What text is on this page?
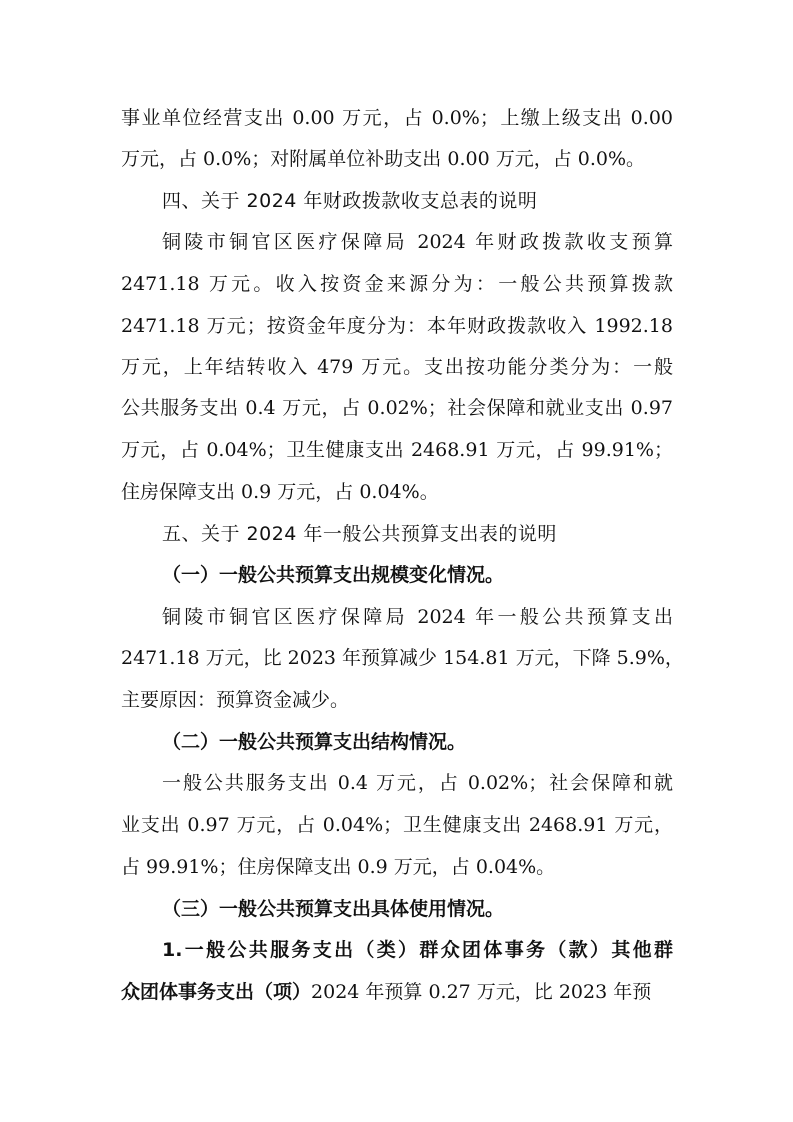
事业单位经营支出 0.00 万元，占 0.0%；上缴上级支出 0.00
万元，占 0.0%；对附属单位补助支出 0.00 万元，占 0.0%。
四、关于 2024 年财政拨款收支总表的说明
铜陵市铜官区医疗保障局 2024 年财政拨款收支预算
2471.18 万元。收入按资金来源分为：一般公共预算拨款
2471.18 万元；按资金年度分为：本年财政拨款收入 1992.18
万元，上年结转收入 479 万元。支出按功能分类分为：一般
公共服务支出 0.4 万元，占 0.02%；社会保障和就业支出 0.97
万元，占 0.04%；卫生健康支出 2468.91 万元，占 99.91%；
住房保障支出 0.9 万元，占 0.04%。
五、关于 2024 年一般公共预算支出表的说明
（一）一般公共预算支出规模变化情况。
铜陵市铜官区医疗保障局 2024 年一般公共预算支出
2471.18 万元，比 2023 年预算减少 154.81 万元，下降 5.9%，
主要原因：预算资金减少。
（二）一般公共预算支出结构情况。
一般公共服务支出 0.4 万元，占 0.02%；社会保障和就
业支出 0.97 万元，占 0.04%；卫生健康支出 2468.91 万元，
占 99.91%；住房保障支出 0.9 万元，占 0.04%。
（三）一般公共预算支出具体使用情况。
1.一般公共服务支出（类）群众团体事务（款）其他群
众团体事务支出（项）2024 年预算 0.27 万元，比 2023 年预
